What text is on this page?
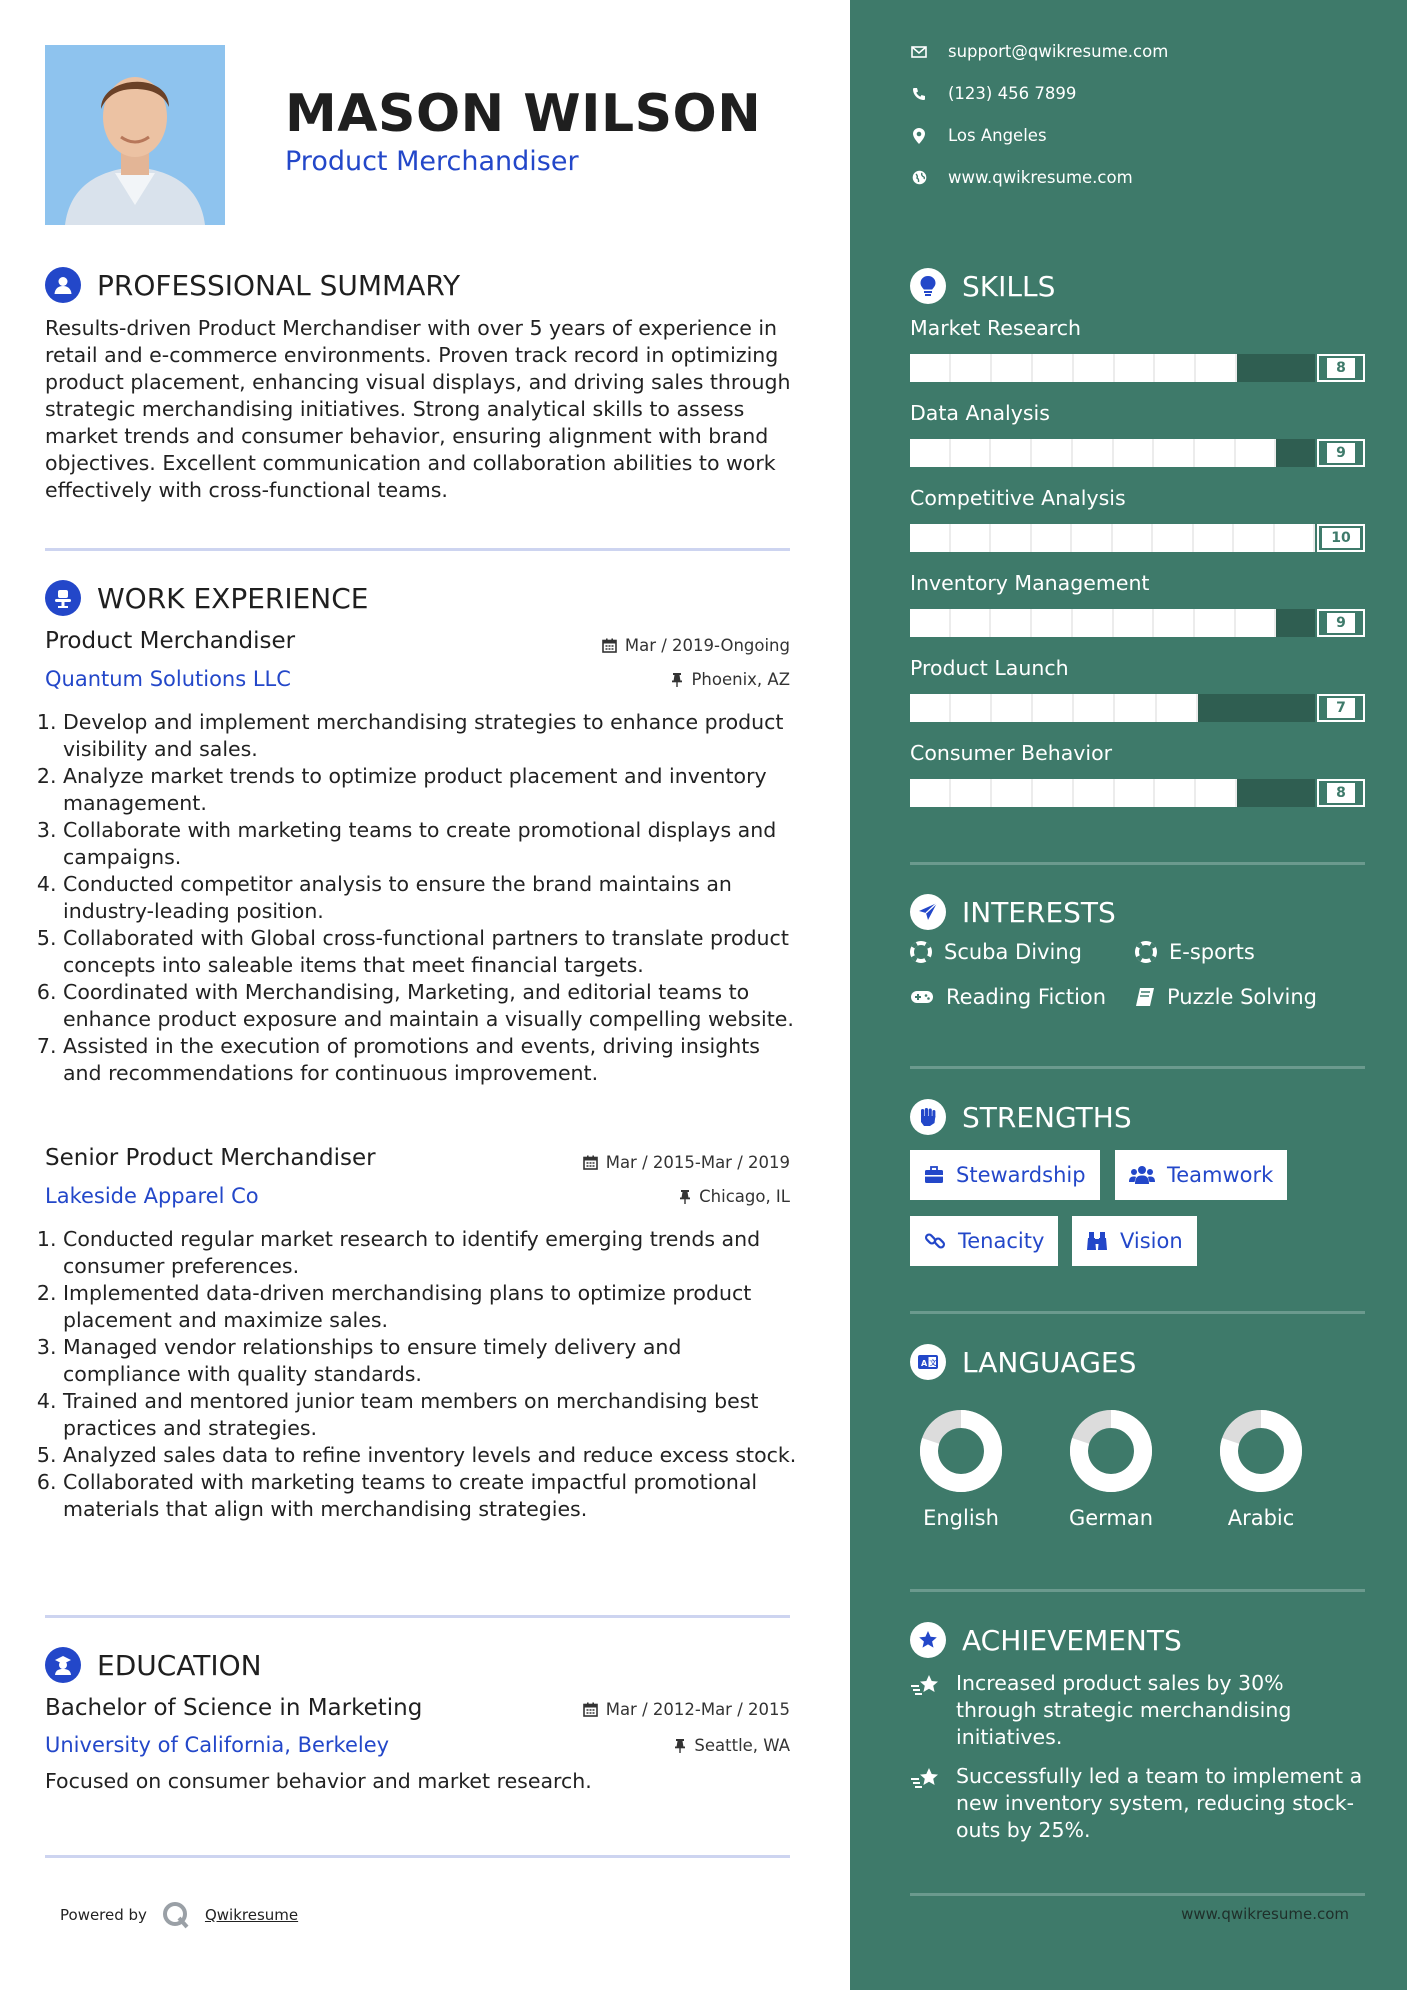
MASON WILSON
Product Merchandiser
PROFESSIONAL SUMMARY
Results-driven Product Merchandiser with over 5 years of experience in retail and e-commerce environments. Proven track record in optimizing product placement, enhancing visual displays, and driving sales through strategic merchandising initiatives. Strong analytical skills to assess market trends and consumer behavior, ensuring alignment with brand objectives. Excellent communication and collaboration abilities to work effectively with cross-functional teams.
WORK EXPERIENCE
Product Merchandiser	Mar / 2019-Ongoing
Quantum Solutions LLC	Phoenix, AZ
1. Develop and implement merchandising strategies to enhance product visibility and sales.
2. Analyze market trends to optimize product placement and inventory management.
3. Collaborate with marketing teams to create promotional displays and campaigns.
4. Conducted competitor analysis to ensure the brand maintains an industry-leading position.
5. Collaborated with Global cross-functional partners to translate product concepts into saleable items that meet financial targets.
6. Coordinated with Merchandising, Marketing, and editorial teams to enhance product exposure and maintain a visually compelling website.
7. Assisted in the execution of promotions and events, driving insights and recommendations for continuous improvement.
Senior Product Merchandiser	Mar / 2015-Mar / 2019
Lakeside Apparel Co	Chicago, IL
1. Conducted regular market research to identify emerging trends and consumer preferences.
2. Implemented data-driven merchandising plans to optimize product placement and maximize sales.
3. Managed vendor relationships to ensure timely delivery and compliance with quality standards.
4. Trained and mentored junior team members on merchandising best practices and strategies.
5. Analyzed sales data to refine inventory levels and reduce excess stock.
6. Collaborated with marketing teams to create impactful promotional materials that align with merchandising strategies.
EDUCATION
Bachelor of Science in Marketing	Mar / 2012-Mar / 2015
University of California, Berkeley	Seattle, WA
Focused on consumer behavior and market research.
Powered by	Qwikresume
support@qwikresume.com
(123) 456 7899
Los Angeles
www.qwikresume.com
SKILLS
Market Research
8
Data Analysis
9
Competitive Analysis
10
Inventory Management
9
Product Launch
7
Consumer Behavior
8
INTERESTS
Scuba Diving	E-sports
Reading Fiction	Puzzle Solving
STRENGTHS
Stewardship	Teamwork
Tenacity	Vision
A 文 LANGUAGES
English	German	Arabic
ACHIEVEMENTS
Increased product sales by 30% through strategic merchandising initiatives.
Successfully led a team to implement a new inventory system, reducing stock-outs by 25%.
www.qwikresume.com
